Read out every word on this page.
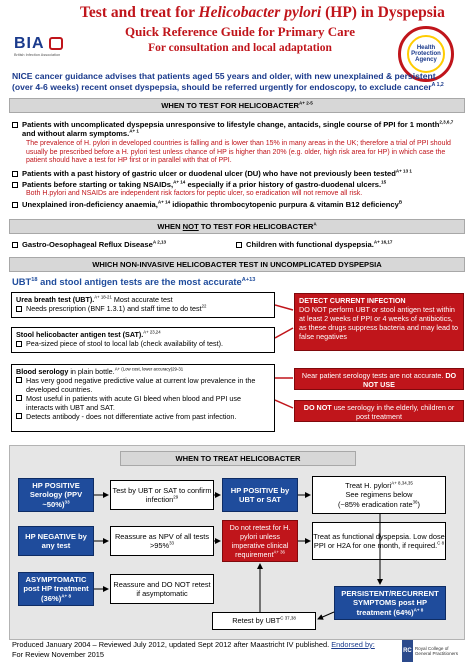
Test and treat for Helicobacter pylori (HP) in Dyspepsia
Quick Reference Guide for Primary Care
For consultation and local adaptation
BIA
British Infection Association
Health Protection Agency
NICE cancer guidance advises that patients aged 55 years and older, with new unexplained & persistent
(over 4-6 weeks) recent onset dyspepsia, should be referred urgently for endoscopy, to exclude cancer$^{A 1,2}$
WHEN TO TEST FOR $HELICOBACTER^{A+ 2-5}$
Patients with uncomplicated dyspepsia unresponsive to lifestyle change, antacids, single course of PPI for 1 month$^{2,3,6,7}$ and without alarm symptoms.$^{A+ 1}$
The prevalence of H. pylori in developed countries is falling and is lower than 15% in many areas in the UK; therefore a trial of PPI should usually be prescribed before a H. pylori test unless chance of HP is higher than 20% (e.g. older, high risk area for HP) in which case the patient should have a test for HP first or in parallel with that of PPI.
Patients with a past history of gastric ulcer or duodenal ulcer (DU) who have not previously been tested$^{A+ 13 1}$
Patients before starting or taking NSAIDs,$^{A+ 14}$ especially if a prior history of gastro-duodenal ulcers.$^{15}$
Both H.pylori and NSAIDs are independent risk factors for peptic ulcer, so eradication will not remove all risk.
Unexplained iron-deficiency anaemia,$^{A+ 14}$ idiopathic thrombocytopenic purpura & vitamin B12 deficiency$^B$
WHEN NOT TO TEST FOR $HELICOBACTER^A$
Gastro-Oesophageal Reflux Disease$^{A 2,13}$	Children with functional dyspepsia.$^{A+ 16,17}$
WHICH NON-INVASIVE HELICOBACTER TEST IN UNCOMPLICATED DYSPEPSIA
UBT$^{18}$ and stool antigen tests are the most accurate$^{A+13}$
Urea breath test (UBT).$^{A+ 18-21}$ Most accurate test
Needs prescription (BNF 1.3.1) and staff time to do test$^{22}$
Stool helicobacter antigen test (SAT).$^{A+ 23,24}$
Pea-sized piece of stool to local lab (check availability of test).
DETECT CURRENT INFECTION
DO NOT perform UBT or stool antigen test within at least 2 weeks of PPI or 4 weeks of antibiotics, as these drugs suppress bacteria and may lead to false negatives
Blood serology in plain bottle.$^{A+ (Low cost, lower accuracy)29-31}$
Has very good negative predictive value at current low prevalence in the developed countries.
Most useful in patients with acute GI bleed when blood and PPI use interacts with UBT and SAT.
Detects antibody - does not differentiate active from past infection.
Near patient serology tests are not accurate. DO NOT USE
DO NOT use serology in the elderly, children or post treatment
WHEN TO TREAT HELICOBACTER
HP POSITIVE Serology (PPV ~50%)$^{33}$
Test by UBT or SAT to confirm infection$^{29}$
HP POSITIVE by UBT or SAT
Treat H. pylori$^{A+ 8,34,35}$
See regimens below
(~85% eradication rate$^{36}$)
HP NEGATIVE by any test
Reassure as NPV of all tests >95%$^{33}$
Do not retest for H. pylori unless imperative clinical requirement$^{A+ 36}$
Treat as functional dyspepsia. Low dose PPI or H2A for one month, if required.$^{C 8}$
ASYMPTOMATIC post HP treatment $(36\%)^{A+ 8}$
Reassure and DO NOT retest if asymptomatic	PERSISTENT/RECURRENT SYMPTOMS post HP treatment $(64\%)^{A+ 8}$
Retest by $UBT^{C 37,38}$
Produced January 2004 – Reviewed July 2012, updated Sept 2012 after Maastricht IV published. Endorsed by:
For Review November 2015	RC Royal College of General Practitioners
